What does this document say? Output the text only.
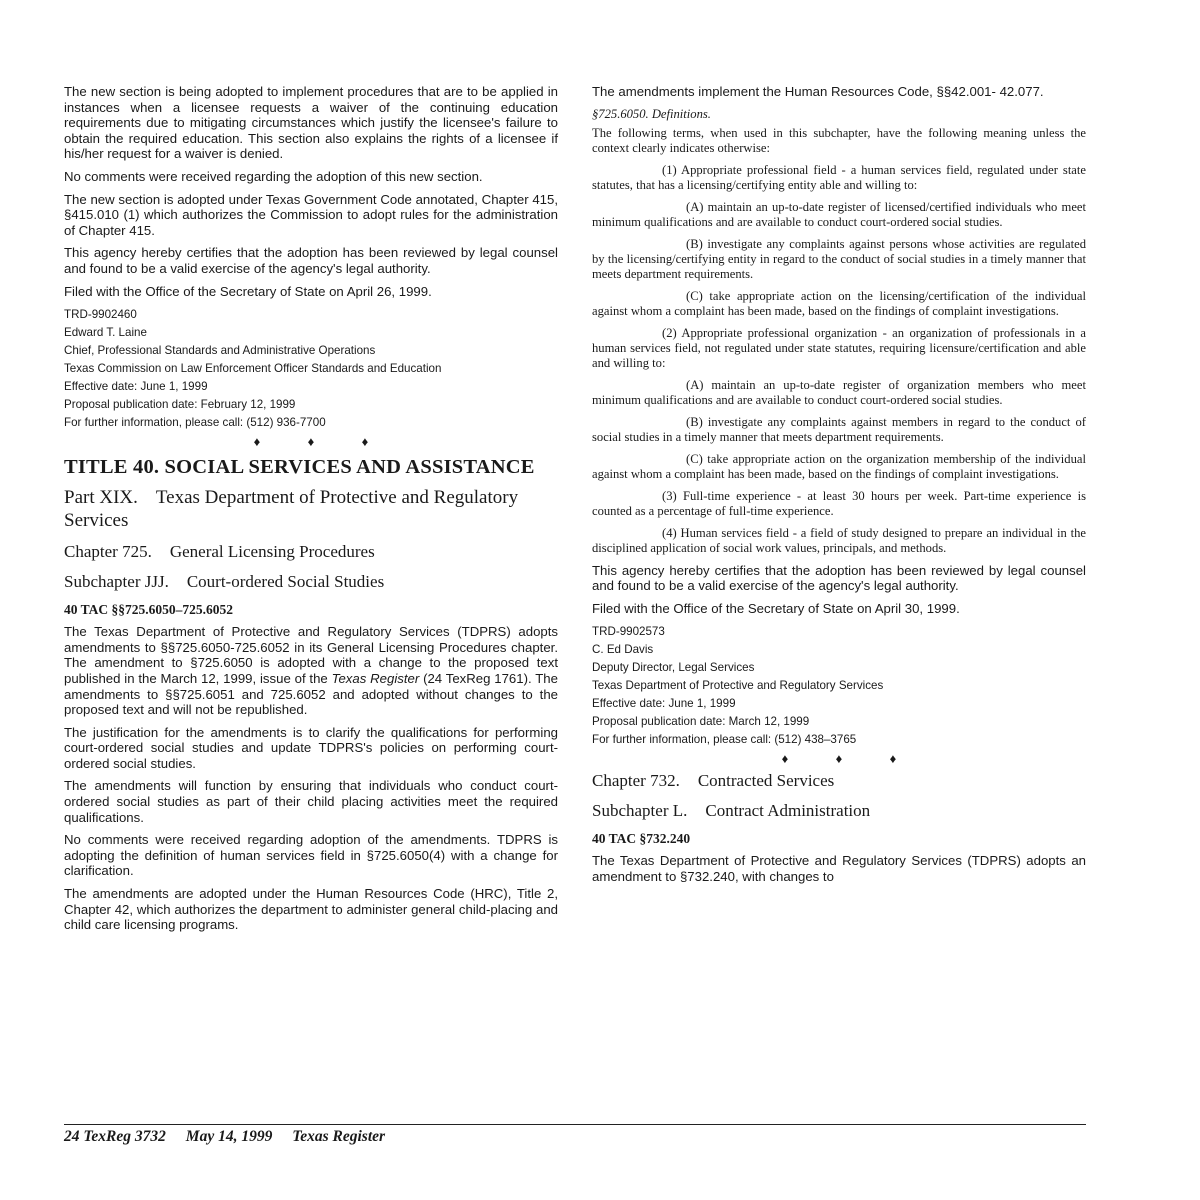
The new section is being adopted to implement procedures that are to be applied in instances when a licensee requests a waiver of the continuing education requirements due to mitigating circumstances which justify the licensee's failure to obtain the required education. This section also explains the rights of a licensee if his/her request for a waiver is denied.

No comments were received regarding the adoption of this new section.

The new section is adopted under Texas Government Code annotated, Chapter 415, §415.010 (1) which authorizes the Commission to adopt rules for the administration of Chapter 415.

This agency hereby certifies that the adoption has been reviewed by legal counsel and found to be a valid exercise of the agency's legal authority.

Filed with the Office of the Secretary of State on April 26, 1999.

TRD-9902460
Edward T. Laine
Chief, Professional Standards and Administrative Operations
Texas Commission on Law Enforcement Officer Standards and Education
Effective date: June 1, 1999
Proposal publication date: February 12, 1999
For further information, please call: (512) 936-7700
♦	♦	♦
TITLE 40. SOCIAL SERVICES AND ASSISTANCE
Part XIX. Texas Department of Protective and Regulatory Services
Chapter 725. General Licensing Procedures
Subchapter JJJ. Court-ordered Social Studies
40 TAC §§725.6050–725.6052

The Texas Department of Protective and Regulatory Services (TDPRS) adopts amendments to §§725.6050-725.6052 in its General Licensing Procedures chapter. The amendment to §725.6050 is adopted with a change to the proposed text published in the March 12, 1999, issue of the Texas Register (24 TexReg 1761). The amendments to §§725.6051 and 725.6052 and adopted without changes to the proposed text and will not be republished.

The justification for the amendments is to clarify the qualifications for performing court-ordered social studies and update TDPRS's policies on performing court-ordered social studies.

The amendments will function by ensuring that individuals who conduct court-ordered social studies as part of their child placing activities meet the required qualifications.

No comments were received regarding adoption of the amendments. TDPRS is adopting the definition of human services field in §725.6050(4) with a change for clarification.

The amendments are adopted under the Human Resources Code (HRC), Title 2, Chapter 42, which authorizes the department to administer general child-placing and child care licensing programs.

The amendments implement the Human Resources Code, §§42.001- 42.077.

§725.6050. Definitions.

The following terms, when used in this subchapter, have the following meaning unless the context clearly indicates otherwise:

(1) Appropriate professional field - a human services field, regulated under state statutes, that has a licensing/certifying entity able and willing to:

(A) maintain an up-to-date register of licensed/certified individuals who meet minimum qualifications and are available to conduct court-ordered social studies.

(B) investigate any complaints against persons whose activities are regulated by the licensing/certifying entity in regard to the conduct of social studies in a timely manner that meets department requirements.

(C) take appropriate action on the licensing/certification of the individual against whom a complaint has been made, based on the findings of complaint investigations.

(2) Appropriate professional organization - an organization of professionals in a human services field, not regulated under state statutes, requiring licensure/certification and able and willing to:

(A) maintain an up-to-date register of organization members who meet minimum qualifications and are available to conduct court-ordered social studies.

(B) investigate any complaints against members in regard to the conduct of social studies in a timely manner that meets department requirements.

(C) take appropriate action on the organization membership of the individual against whom a complaint has been made, based on the findings of complaint investigations.

(3) Full-time experience - at least 30 hours per week. Part-time experience is counted as a percentage of full-time experience.

(4) Human services field - a field of study designed to prepare an individual in the disciplined application of social work values, principals, and methods.

This agency hereby certifies that the adoption has been reviewed by legal counsel and found to be a valid exercise of the agency's legal authority.

Filed with the Office of the Secretary of State on April 30, 1999.

TRD-9902573
C. Ed Davis
Deputy Director, Legal Services
Texas Department of Protective and Regulatory Services
Effective date: June 1, 1999
Proposal publication date: March 12, 1999
For further information, please call: (512) 438–3765
♦	♦	♦
Chapter 732. Contracted Services
Subchapter L. Contract Administration
40 TAC §732.240

The Texas Department of Protective and Regulatory Services (TDPRS) adopts an amendment to §732.240, with changes to

24 TexReg 3732 May 14, 1999 Texas Register
